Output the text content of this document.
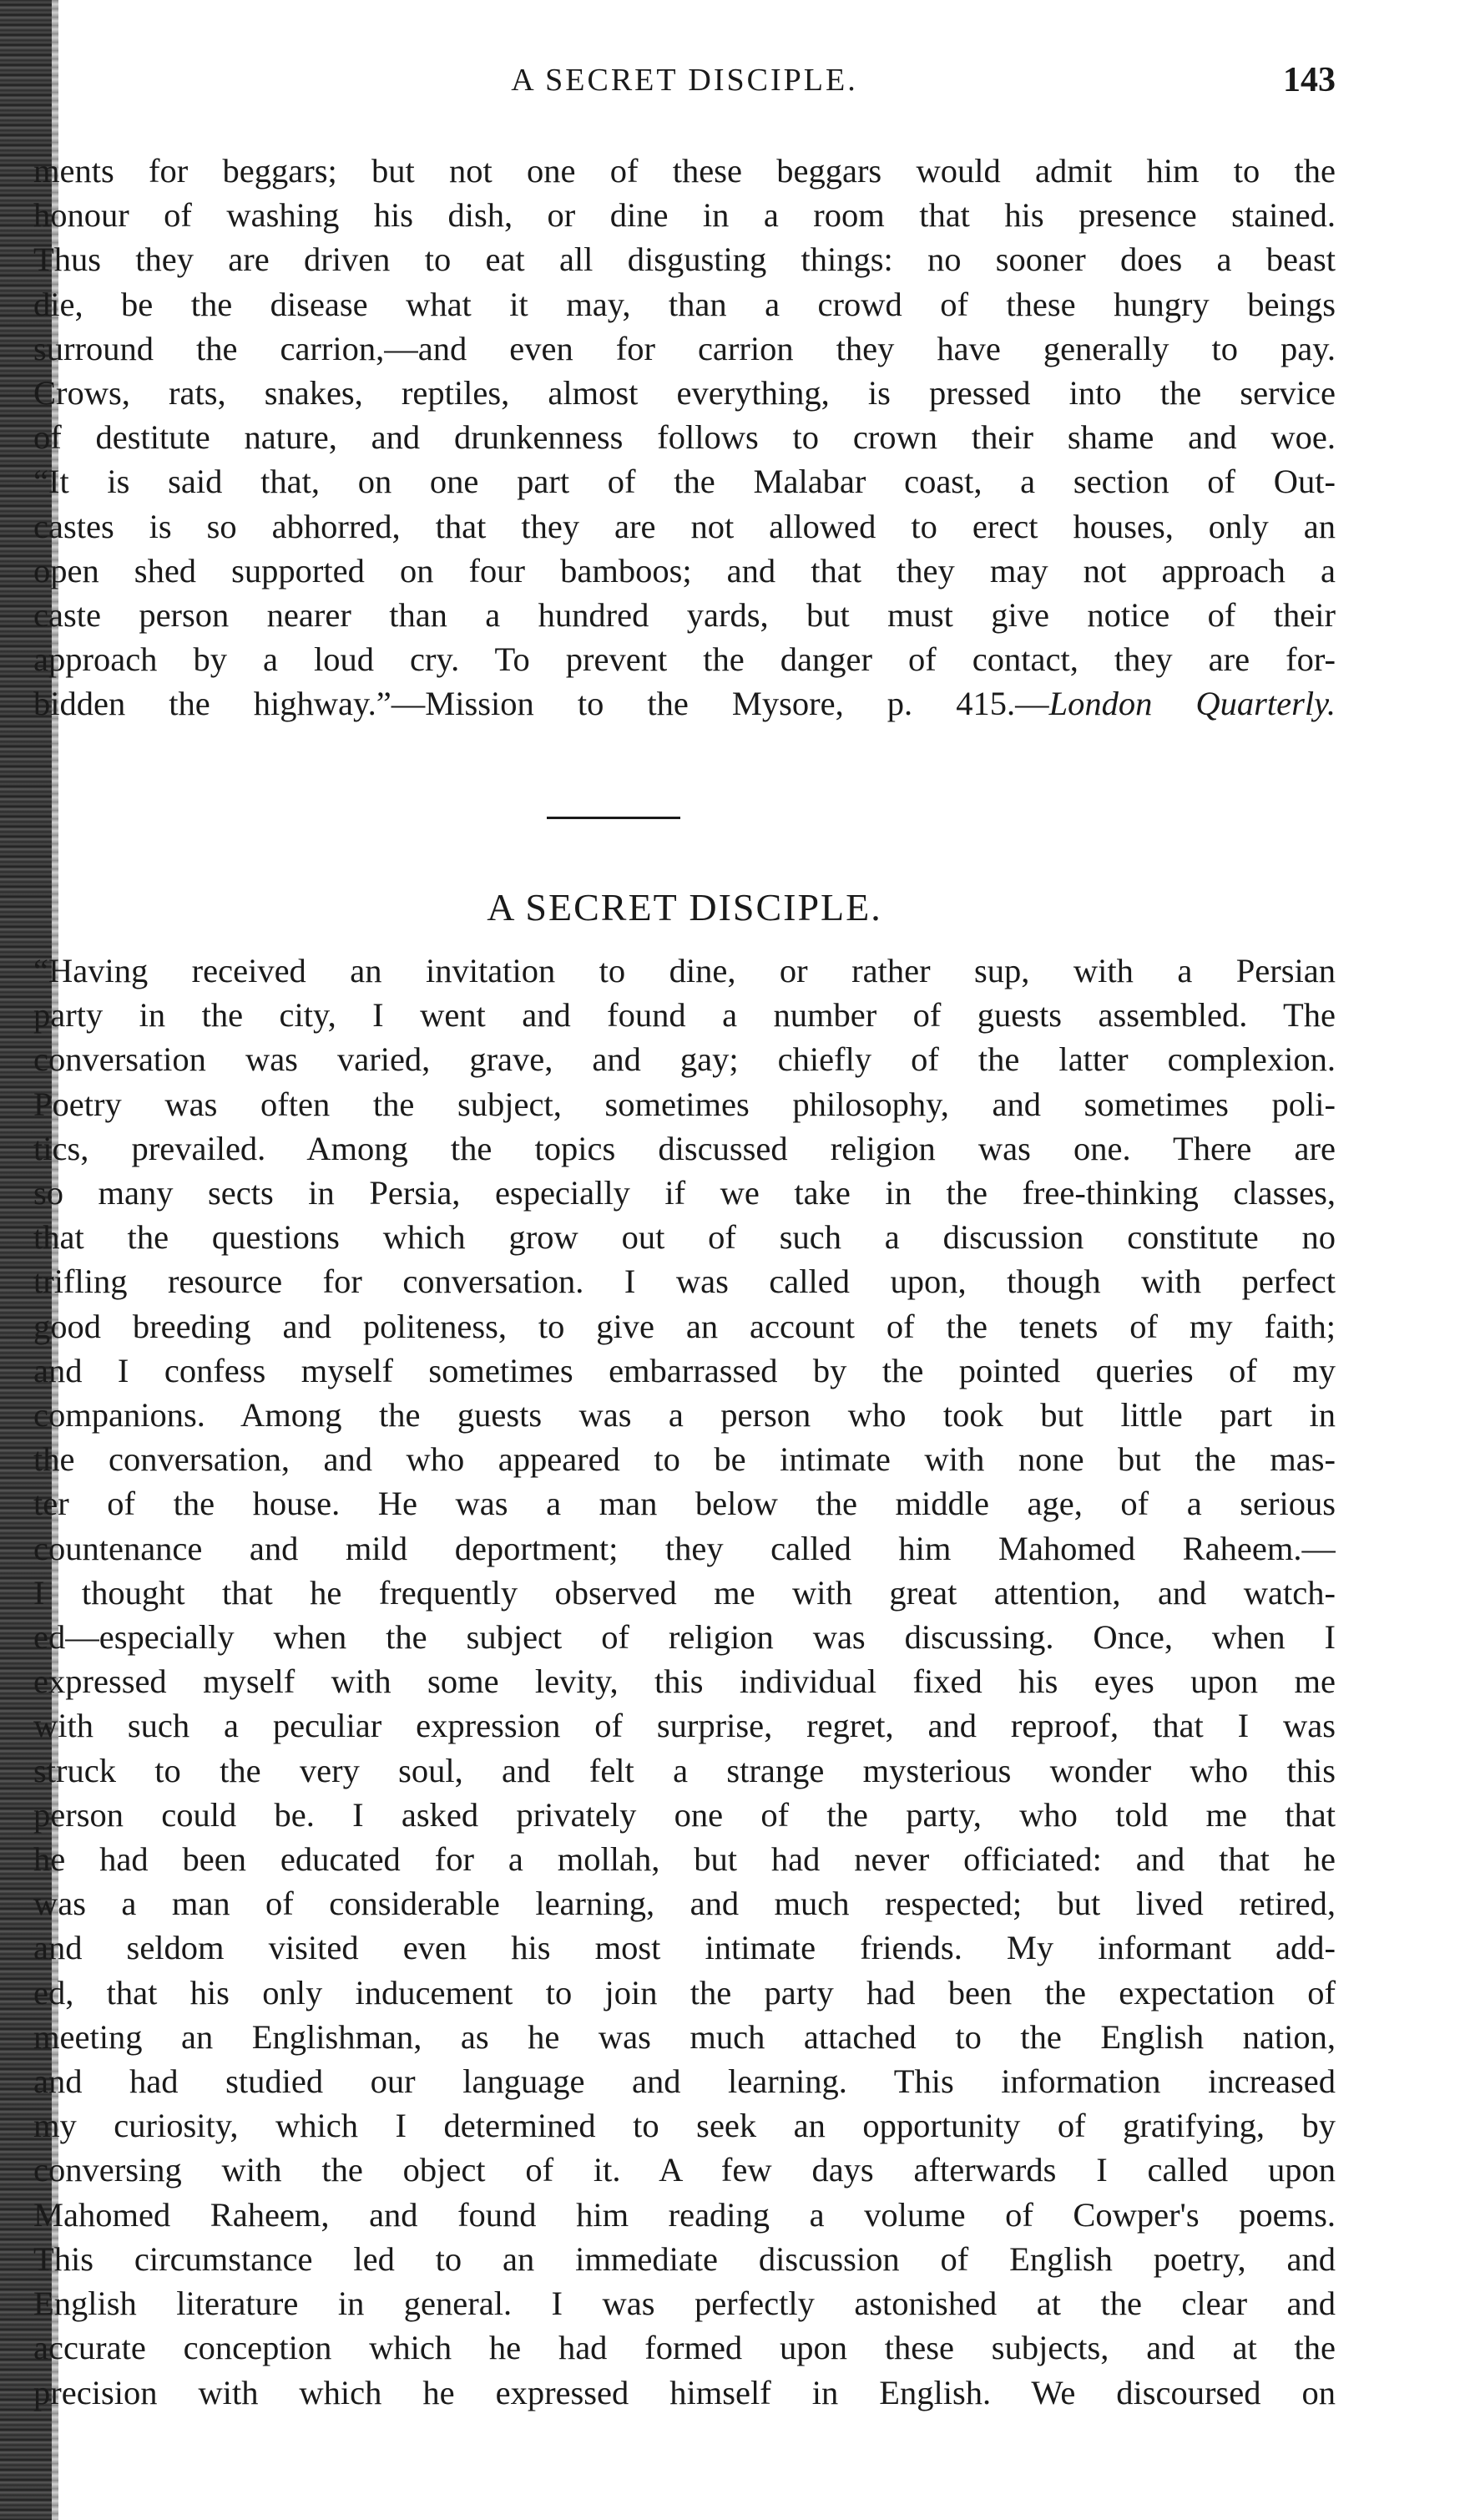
A SECRET DISCIPLE.	143
ments for beggars; but not one of these beggars would admit him to the
honour of washing his dish, or dine in a room that his presence stained.
Thus they are driven to eat all disgusting things: no sooner does a beast
die, be the disease what it may, than a crowd of these hungry beings
surround the carrion,—and even for carrion they have generally to pay.
Crows, rats, snakes, reptiles, almost everything, is pressed into the service
of destitute nature, and drunkenness follows to crown their shame and woe.
“It is said that, on one part of the Malabar coast, a section of Out-
castes is so abhorred, that they are not allowed to erect houses, only an
open shed supported on four bamboos; and that they may not approach a
caste person nearer than a hundred yards, but must give notice of their
approach by a loud cry. To prevent the danger of contact, they are for-
bidden the highway.”—Mission to the Mysore, p. 415.—London Quarterly.
A SECRET DISCIPLE.
“Having received an invitation to dine, or rather sup, with a Persian
party in the city, I went and found a number of guests assembled. The
conversation was varied, grave, and gay; chiefly of the latter complexion.
Poetry was often the subject, sometimes philosophy, and sometimes poli-
tics, prevailed. Among the topics discussed religion was one. There are
so many sects in Persia, especially if we take in the free-thinking classes,
that the questions which grow out of such a discussion constitute no
trifling resource for conversation. I was called upon, though with perfect
good breeding and politeness, to give an account of the tenets of my faith;
and I confess myself sometimes embarrassed by the pointed queries of my
companions. Among the guests was a person who took but little part in
the conversation, and who appeared to be intimate with none but the mas-
ter of the house. He was a man below the middle age, of a serious
countenance and mild deportment; they called him Mahomed Raheem.—
I thought that he frequently observed me with great attention, and watch-
ed—especially when the subject of religion was discussing. Once, when I
expressed myself with some levity, this individual fixed his eyes upon me
with such a peculiar expression of surprise, regret, and reproof, that I was
struck to the very soul, and felt a strange mysterious wonder who this
person could be. I asked privately one of the party, who told me that
he had been educated for a mollah, but had never officiated: and that he
was a man of considerable learning, and much respected; but lived retired,
and seldom visited even his most intimate friends. My informant add-
ed, that his only inducement to join the party had been the expectation of
meeting an Englishman, as he was much attached to the English nation,
and had studied our language and learning. This information increased
my curiosity, which I determined to seek an opportunity of gratifying, by
conversing with the object of it. A few days afterwards I called upon
Mahomed Raheem, and found him reading a volume of Cowper's poems.
This circumstance led to an immediate discussion of English poetry, and
English literature in general. I was perfectly astonished at the clear and
accurate conception which he had formed upon these subjects, and at the
precision with which he expressed himself in English. We discoursed on
